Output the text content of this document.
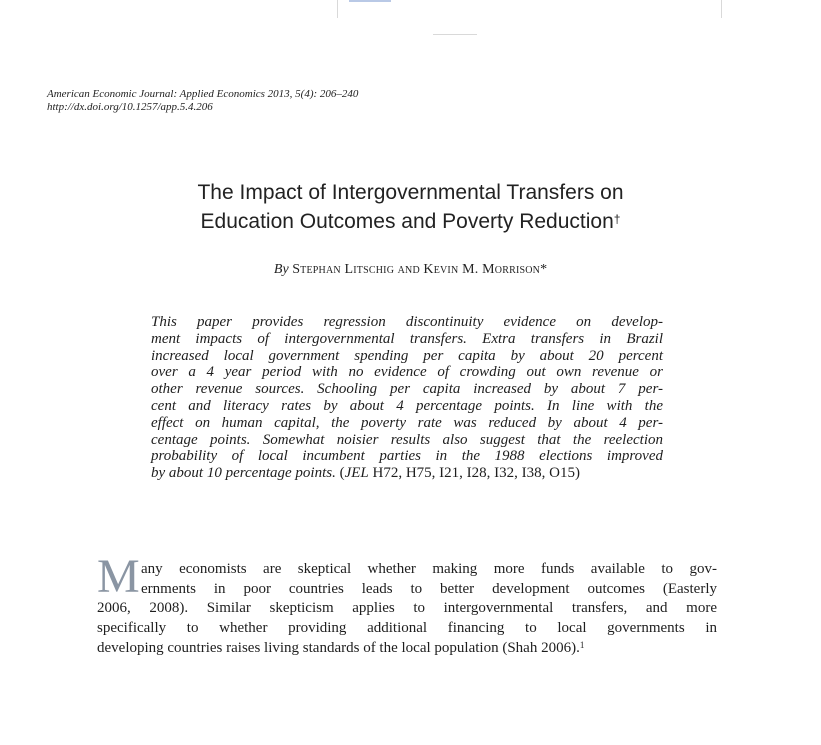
American Economic Journal: Applied Economics 2013, 5(4): 206–240
http://dx.doi.org/10.1257/app.5.4.206
The Impact of Intergovernmental Transfers on
Education Outcomes and Poverty Reduction†
By Stephan Litschig and Kevin M. Morrison*
This paper provides regression discontinuity evidence on develop-
ment impacts of intergovernmental transfers. Extra transfers in Brazil
increased local government spending per capita by about 20 percent
over a 4 year period with no evidence of crowding out own revenue or
other revenue sources. Schooling per capita increased by about 7 per-
cent and literacy rates by about 4 percentage points. In line with the
effect on human capital, the poverty rate was reduced by about 4 per-
centage points. Somewhat noisier results also suggest that the reelection
probability of local incumbent parties in the 1988 elections improved
by about 10 percentage points. (JEL H72, H75, I21, I28, I32, I38, O15)
M any economists are skeptical whether making more funds available to gov-
ernments in poor countries leads to better development outcomes (Easterly
2006, 2008). Similar skepticism applies to intergovernmental transfers, and more
specifically to whether providing additional financing to local governments in
developing countries raises living standards of the local population (Shah 2006).$^1$
